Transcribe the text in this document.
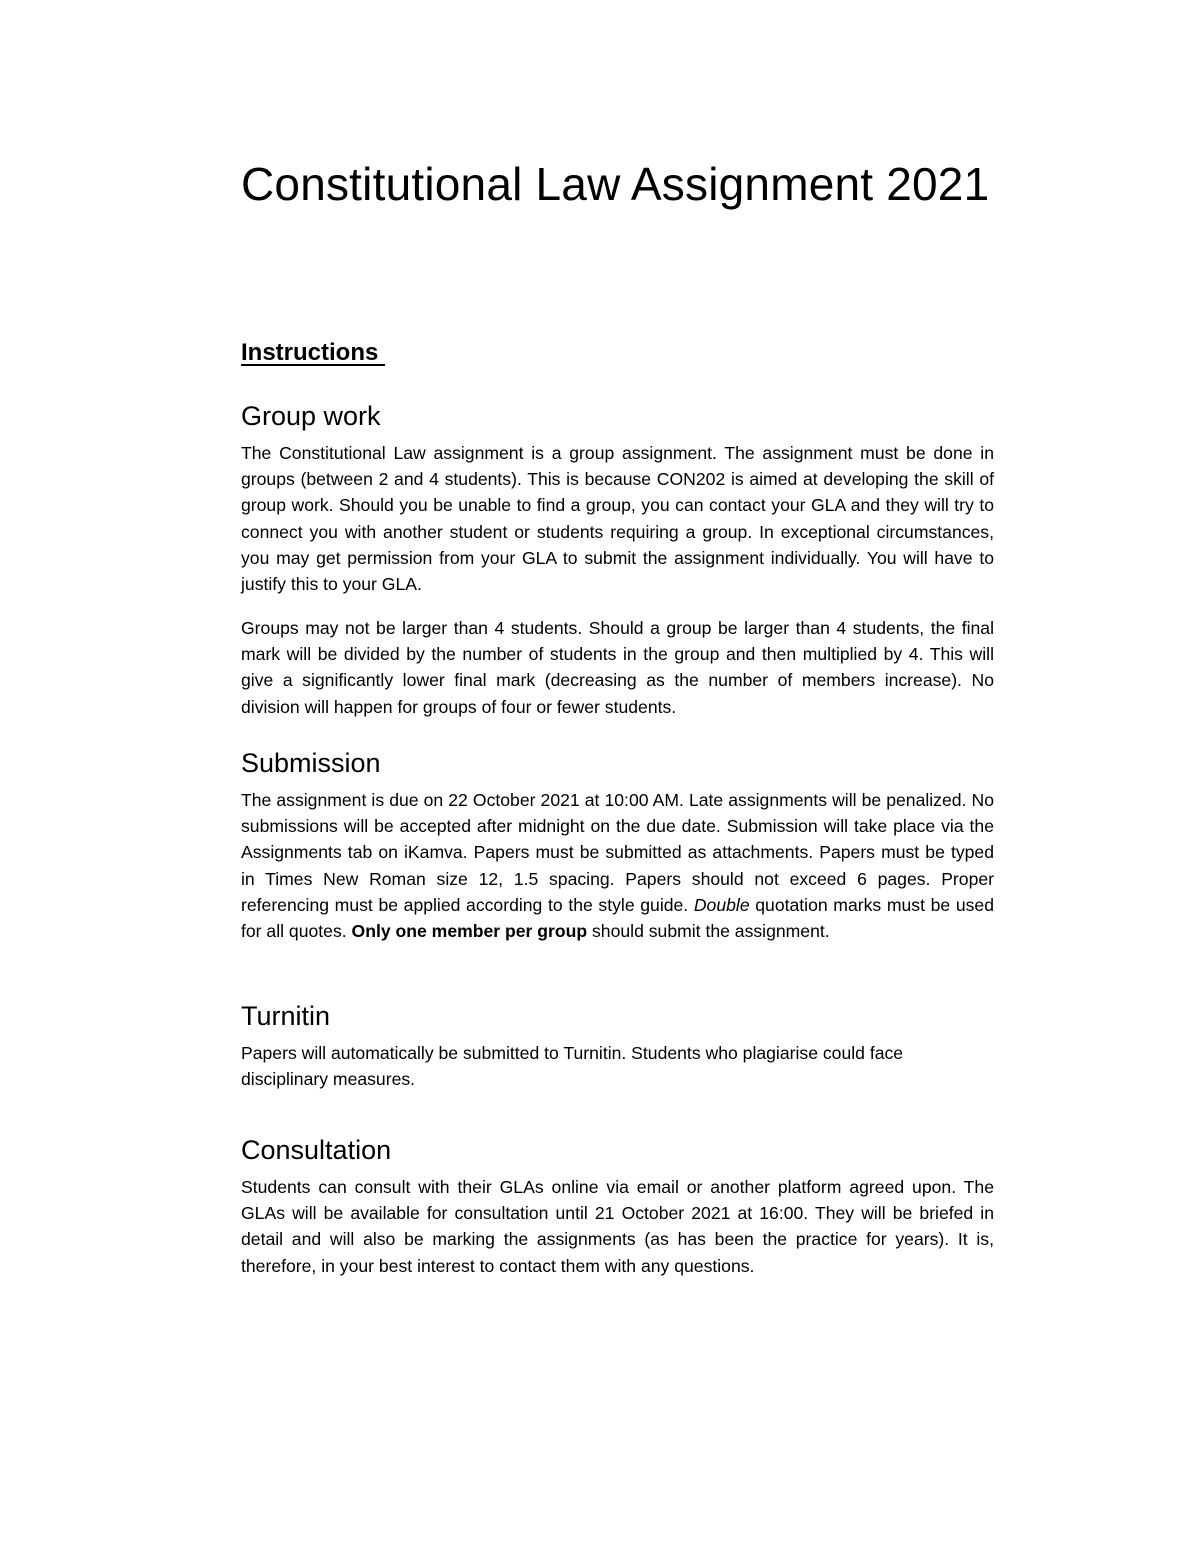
Constitutional Law Assignment 2021
Instructions
Group work

The Constitutional Law assignment is a group assignment. The assignment must be done in groups (between 2 and 4 students). This is because CON202 is aimed at developing the skill of group work. Should you be unable to find a group, you can contact your GLA and they will try to connect you with another student or students requiring a group. In exceptional circumstances, you may get permission from your GLA to submit the assignment individually. You will have to justify this to your GLA.

Groups may not be larger than 4 students. Should a group be larger than 4 students, the final mark will be divided by the number of students in the group and then multiplied by 4. This will give a significantly lower final mark (decreasing as the number of members increase). No division will happen for groups of four or fewer students.

Submission

The assignment is due on 22 October 2021 at 10:00 AM. Late assignments will be penalized. No submissions will be accepted after midnight on the due date. Submission will take place via the Assignments tab on iKamva. Papers must be submitted as attachments. Papers must be typed in Times New Roman size 12, 1.5 spacing. Papers should not exceed 6 pages. Proper referencing must be applied according to the style guide. Double quotation marks must be used for all quotes. Only one member per group should submit the assignment.

Turnitin

Papers will automatically be submitted to Turnitin. Students who plagiarise could face disciplinary measures.

Consultation

Students can consult with their GLAs online via email or another platform agreed upon. The GLAs will be available for consultation until 21 October 2021 at 16:00. They will be briefed in detail and will also be marking the assignments (as has been the practice for years). It is, therefore, in your best interest to contact them with any questions.
